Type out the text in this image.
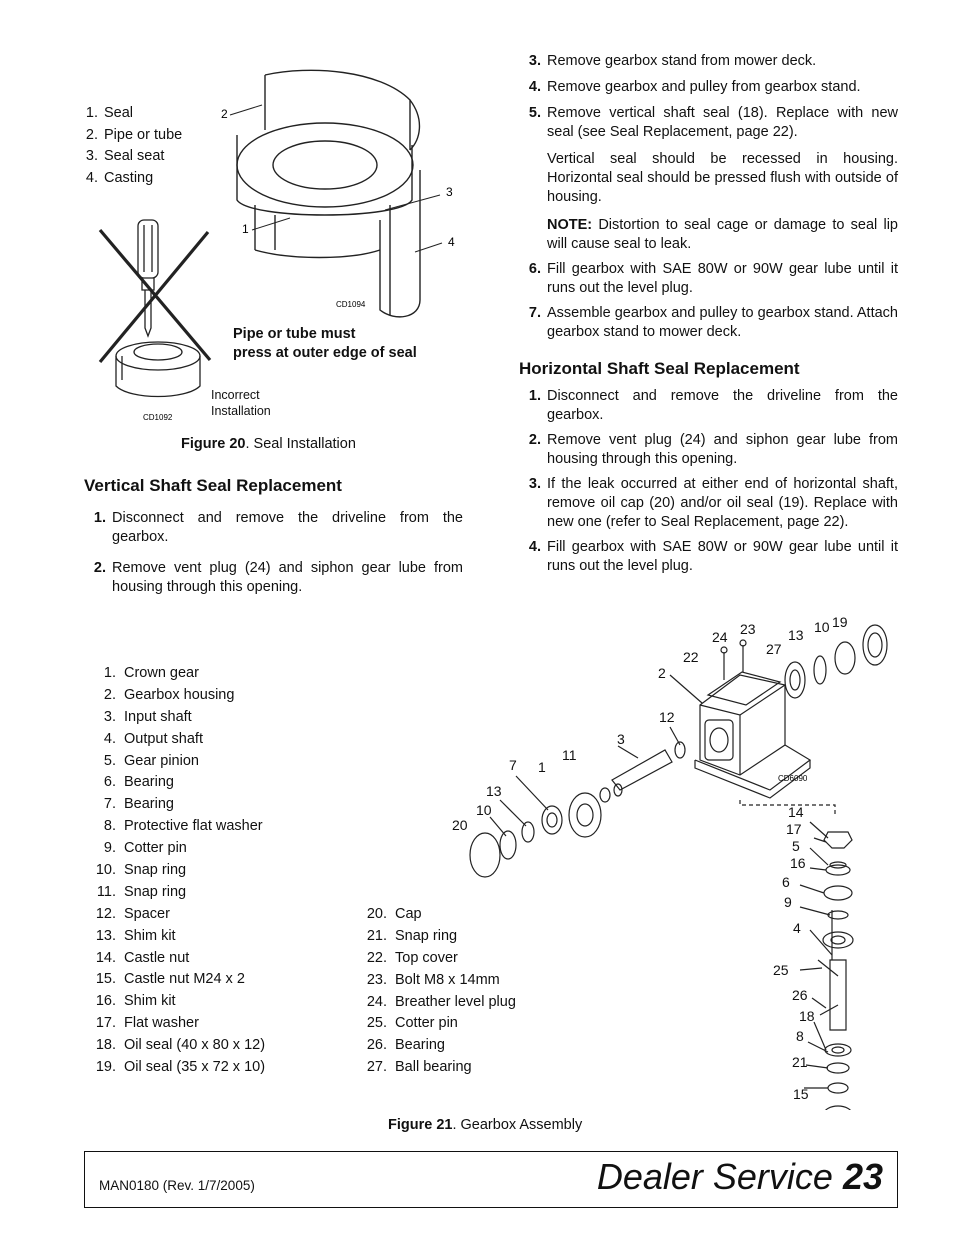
1. Seal
2. Pipe or tube
3. Seal seat
4. Casting
2
1
3
4
CD1094
CD1092
Pipe or tube must
press at outer edge of seal
Incorrect
Installation
Figure 20. Seal Installation
Vertical Shaft Seal Replacement
1. Disconnect and remove the driveline from the gearbox.
2. Remove vent plug (24) and siphon gear lube from housing through this opening.
3. Remove gearbox stand from mower deck.
4. Remove gearbox and pulley from gearbox stand.
5. Remove vertical shaft seal (18). Replace with new seal (see Seal Replacement, page 22).
Vertical seal should be recessed in housing. Horizontal seal should be pressed flush with outside of housing.
NOTE: Distortion to seal cage or damage to seal lip will cause seal to leak.
6. Fill gearbox with SAE 80W or 90W gear lube until it runs out the level plug.
7. Assemble gearbox and pulley to gearbox stand. Attach gearbox stand to mower deck.
Horizontal Shaft Seal Replacement
1. Disconnect and remove the driveline from the gearbox.
2. Remove vent plug (24) and siphon gear lube from housing through this opening.
3. If the leak occurred at either end of horizontal shaft, remove oil cap (20) and/or oil seal (19). Replace with new one (refer to Seal Replacement, page 22).
4. Fill gearbox with SAE 80W or 90W gear lube until it runs out the level plug.
1. Crown gear
2. Gearbox housing
3. Input shaft
4. Output shaft
5. Gear pinion
6. Bearing
7. Bearing
8. Protective flat washer
9. Cotter pin
10. Snap ring
11. Snap ring
12. Spacer
13. Shim kit
14. Castle nut
15. Castle nut M24 x 2
16. Shim kit
17. Flat washer
18. Oil seal (40 x 80 x 12)
19. Oil seal (35 x 72 x 10)
20. Cap
21. Snap ring
22. Top cover
23. Bolt M8 x 14mm
24. Breather level plug
25. Cotter pin
26. Bearing
27. Ball bearing
24 23 13 10 19
22	27
2
12
3
7 1
11
13
10
20
14
17
5
16
6
9
4
25
26
18
8
21
15
CD6090
Figure 21. Gearbox Assembly
MAN0180 (Rev. 1/7/2005)	Dealer Service 23
